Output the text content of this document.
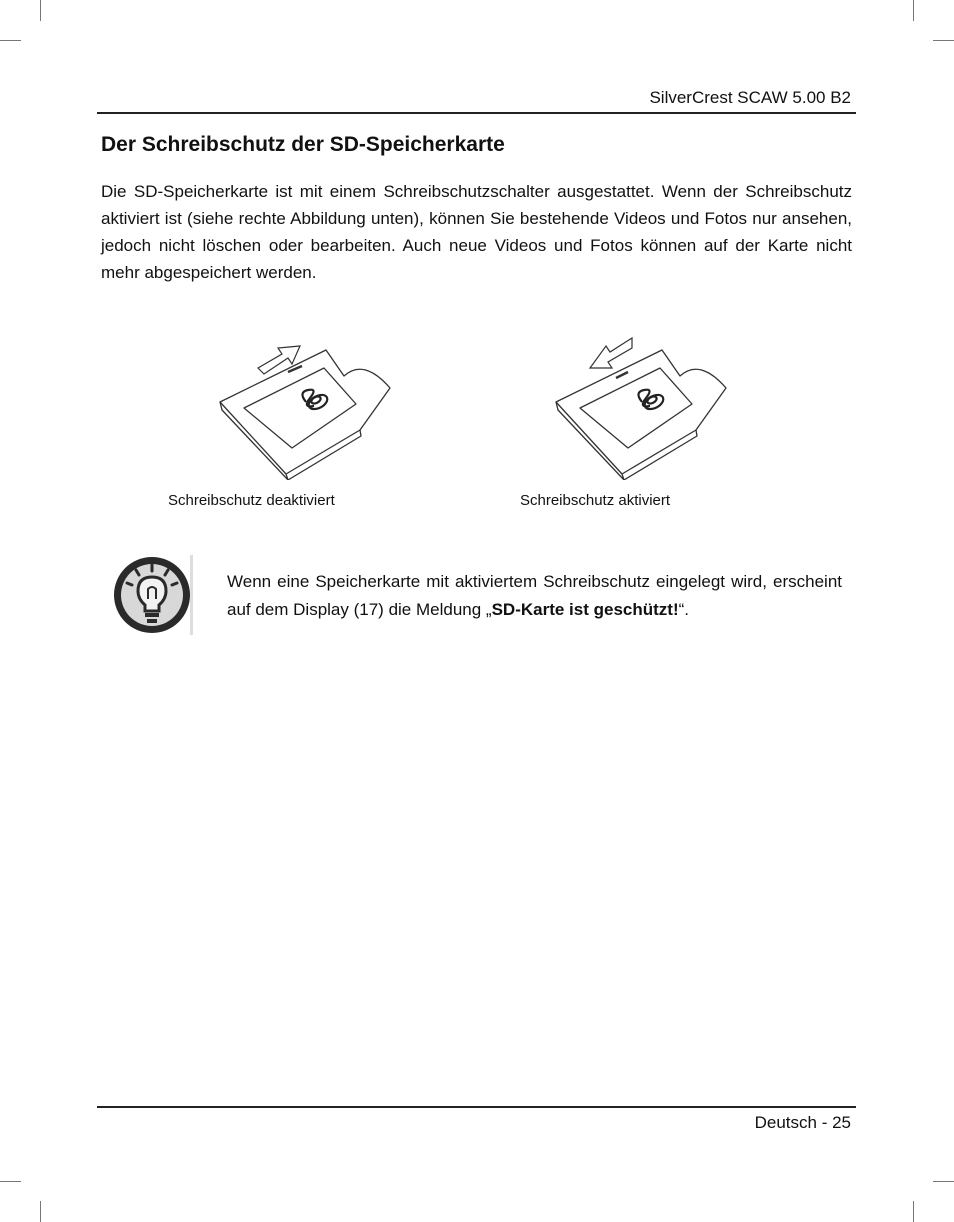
SilverCrest SCAW 5.00 B2
Der Schreibschutz der SD-Speicherkarte

Die SD-Speicherkarte ist mit einem Schreibschutzschalter ausgestattet. Wenn der Schreibschutz aktiviert ist (siehe rechte Abbildung unten), können Sie bestehende Videos und Fotos nur ansehen, jedoch nicht löschen oder bearbeiten. Auch neue Videos und Fotos können auf der Karte nicht mehr abgespeichert werden.

Schreibschutz deaktiviert	Schreibschutz aktiviert

Wenn eine Speicherkarte mit aktiviertem Schreibschutz eingelegt wird, erscheint auf dem Display (17) die Meldung „SD-Karte ist geschützt!“.

Deutsch - 25
